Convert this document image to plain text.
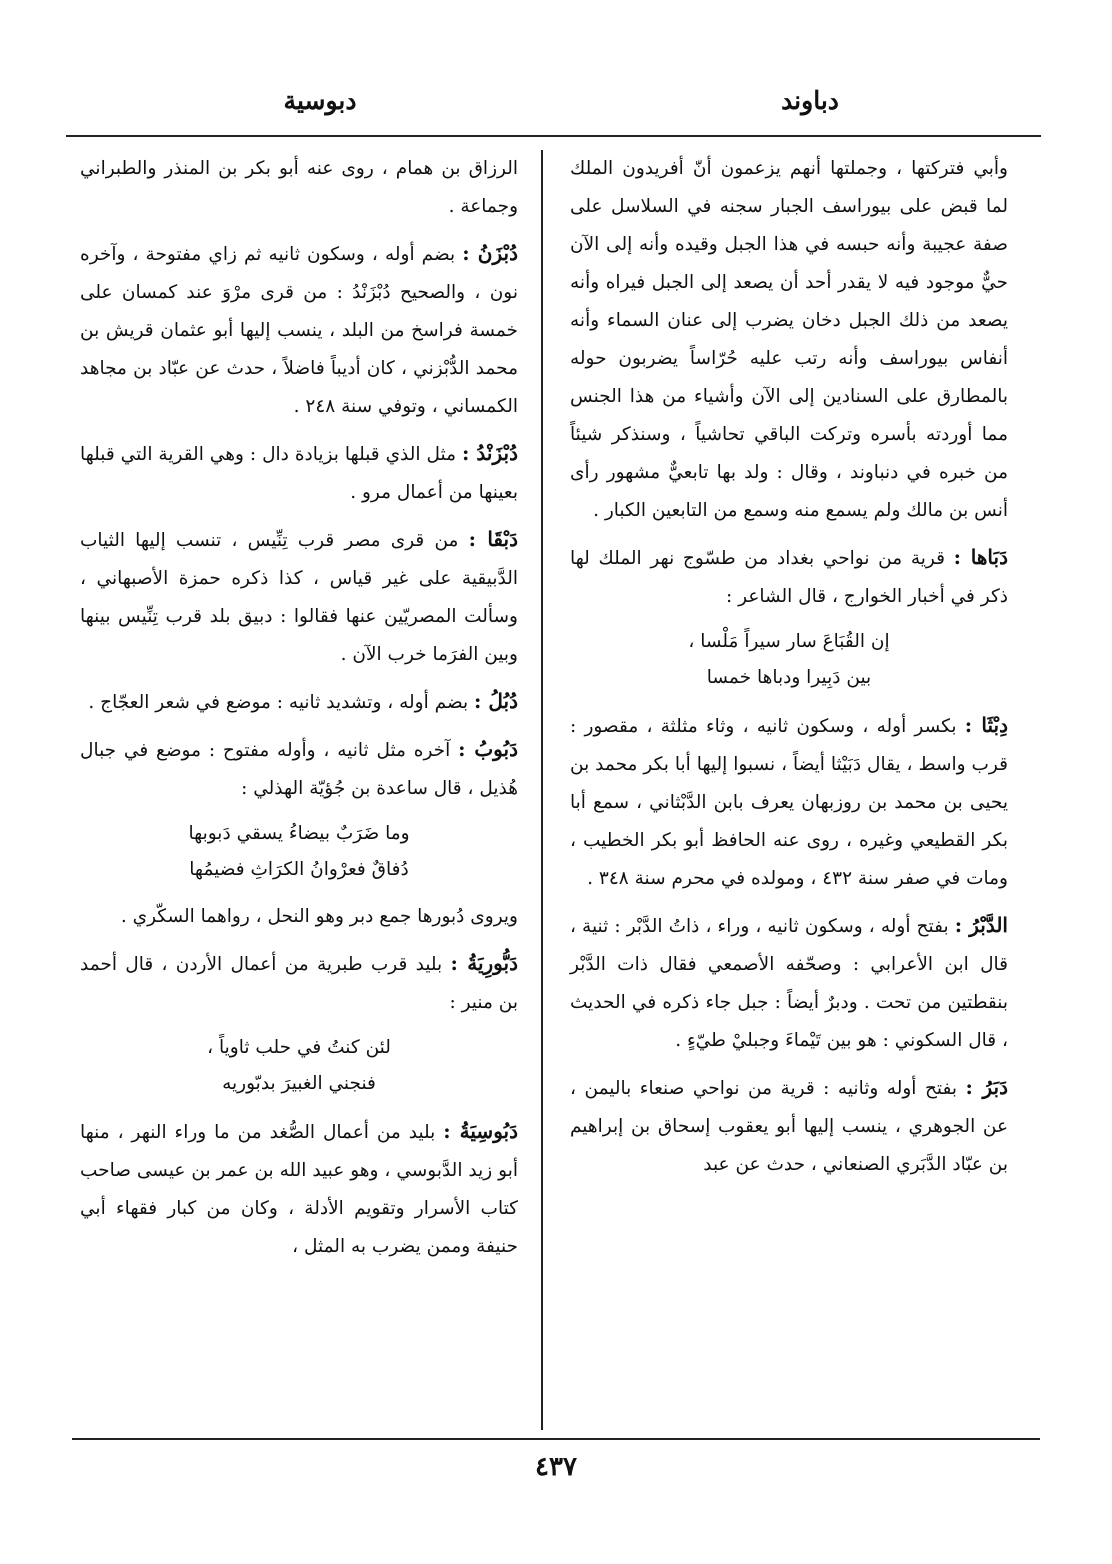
دباوند
دبوسية

وأبي فتركتها ، وجملتها أنهم يزعمون أنّ أفريدون الملك لما قبض على بيوراسف الجبار سجنه في السلاسل على صفة عجيبة وأنه حبسه في هذا الجبل وقيده وأنه إلى الآن حيٌّ موجود فيه لا يقدر أحد أن يصعد إلى الجبل فيراه وأنه يصعد من ذلك الجبل دخان يضرب إلى عنان السماء وأنه أنفاس بيوراسف وأنه رتب عليه حُرّاساً يضربون حوله بالمطارق على السنادين إلى الآن وأشياء من هذا الجنس مما أوردته بأسره وتركت الباقي تحاشياً ، وسنذكر شيئاً من خبره في دنباوند ، وقال : ولد بها تابعيٌّ مشهور رأى أنس بن مالك ولم يسمع منه وسمع من التابعين الكبار .

دَبَاها : قرية من نواحي بغداد من طسّوج نهر الملك لها ذكر في أخبار الخوارج ، قال الشاعر :

إن القُبَاعَ سار سيراً مَلْسا ،
بين دَبِيرا ودباها خمسا

دِبْثَا : بكسر أوله ، وسكون ثانيه ، وثاء مثلثة ، مقصور : قرب واسط ، يقال دَبَيْثا أيضاً ، نسبوا إليها أبا بكر محمد بن يحيى بن محمد بن روزبهان يعرف بابن الدَّبْثاني ، سمع أبا بكر القطيعي وغيره ، روى عنه الحافظ أبو بكر الخطيب ، ومات في صفر سنة ٤٣٢ ، ومولده في محرم سنة ٣٤٨ .

الدَّبْرُ : بفتح أوله ، وسكون ثانيه ، وراء ، ذاتُ الدَّبْر : ثنية ، قال ابن الأعرابي : وصحّفه الأصمعي فقال ذات الدَّبْر بنقطتين من تحت . ودبرٌ أيضاً : جبل جاء ذكره في الحديث ، قال السكوني : هو بين تَيْماءَ وجبليْ طيّءٍ .

دَبَرُ : بفتح أوله وثانيه : قرية من نواحي صنعاء باليمن ، عن الجوهري ، ينسب إليها أبو يعقوب إسحاق بن إبراهيم بن عبّاد الدَّبَري الصنعاني ، حدث عن عبد

الرزاق بن همام ، روى عنه أبو بكر بن المنذر والطبراني وجماعة .

دُبْزَنُ : بضم أوله ، وسكون ثانيه ثم زاي مفتوحة ، وآخره نون ، والصحيح دُبْزَنْدُ : من قرى مرْوَ عند كمسان على خمسة فراسخ من البلد ، ينسب إليها أبو عثمان قريش بن محمد الدُّبْزني ، كان أديباً فاضلاً ، حدث عن عبّاد بن مجاهد الكمساني ، وتوفي سنة ٢٤٨ .

دُبْزَنْدُ : مثل الذي قبلها بزيادة دال : وهي القرية التي قبلها بعينها من أعمال مرو .

دَبْقَا : من قرى مصر قرب تِنِّيس ، تنسب إليها الثياب الدَّبيقية على غير قياس ، كذا ذكره حمزة الأصبهاني ، وسألت المصريّين عنها فقالوا : دبيق بلد قرب تِنِّيس بينها وبين الفرَما خرب الآن .

دُبُلُ : بضم أوله ، وتشديد ثانيه : موضع في شعر العجّاج .

دَبُوبُ : آخره مثل ثانيه ، وأوله مفتوح : موضع في جبال هُذيل ، قال ساعدة بن جُؤيّة الهذلي :

وما ضَرَبٌ بيضاءُ يسقي دَبوبها
دُفاقٌ فعرْوانُ الكرَاثِ فضيمُها

ويروى دُبورها جمع دبر وهو النحل ، رواهما السكّري .

دَبُّورِيَةُ : بليد قرب طبرية من أعمال الأردن ، قال أحمد بن منير :

لئن كنتُ في حلب ثاوياً ،
فنجني الغبيرَ بدبّوريه

دَبُوسِيَةُ : بليد من أعمال الصُّغد من ما وراء النهر ، منها أبو زيد الدَّبوسي ، وهو عبيد الله بن عمر بن عيسى صاحب كتاب الأسرار وتقويم الأدلة ، وكان من كبار فقهاء أبي حنيفة وممن يضرب به المثل ،

٤٣٧
